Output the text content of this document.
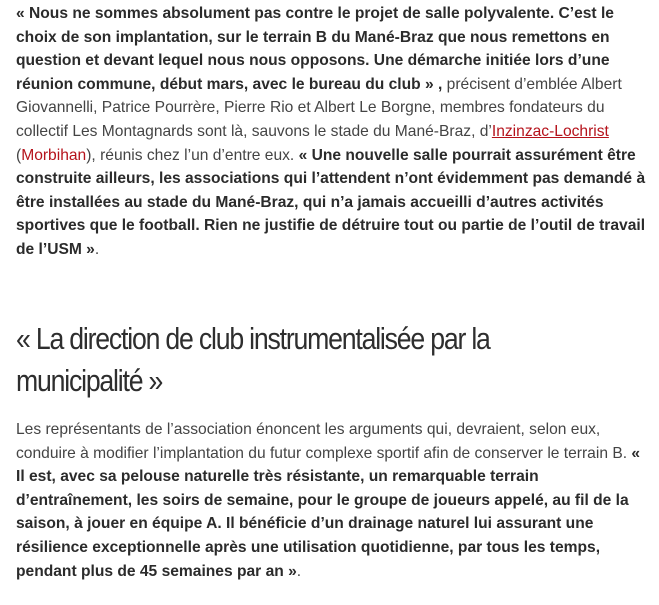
« Nous ne sommes absolument pas contre le projet de salle polyvalente. C’est le choix de son implantation, sur le terrain B du Mané-Braz que nous remettons en question et devant lequel nous nous opposons. Une démarche initiée lors d’une réunion commune, début mars, avec le bureau du club » , précisent d’emblée Albert Giovannelli, Patrice Pourrère, Pierre Rio et Albert Le Borgne, membres fondateurs du collectif Les Montagnards sont là, sauvons le stade du Mané-Braz, d’Inzinzac-Lochrist (Morbihan), réunis chez l’un d’entre eux. « Une nouvelle salle pourrait assurément être construite ailleurs, les associations qui l’attendent n’ont évidemment pas demandé à être installées au stade du Mané-Braz, qui n’a jamais accueilli d’autres activités sportives que le football. Rien ne justifie de détruire tout ou partie de l’outil de travail de l’USM ».

« La direction de club instrumentalisée par la municipalité »

Les représentants de l’association énoncent les arguments qui, devraient, selon eux, conduire à modifier l’implantation du futur complexe sportif afin de conserver le terrain B. « Il est, avec sa pelouse naturelle très résistante, un remarquable terrain d’entraînement, les soirs de semaine, pour le groupe de joueurs appelé, au fil de la saison, à jouer en équipe A. Il bénéficie d’un drainage naturel lui assurant une résilience exceptionnelle après une utilisation quotidienne, par tous les temps, pendant plus de 45 semaines par an ».
